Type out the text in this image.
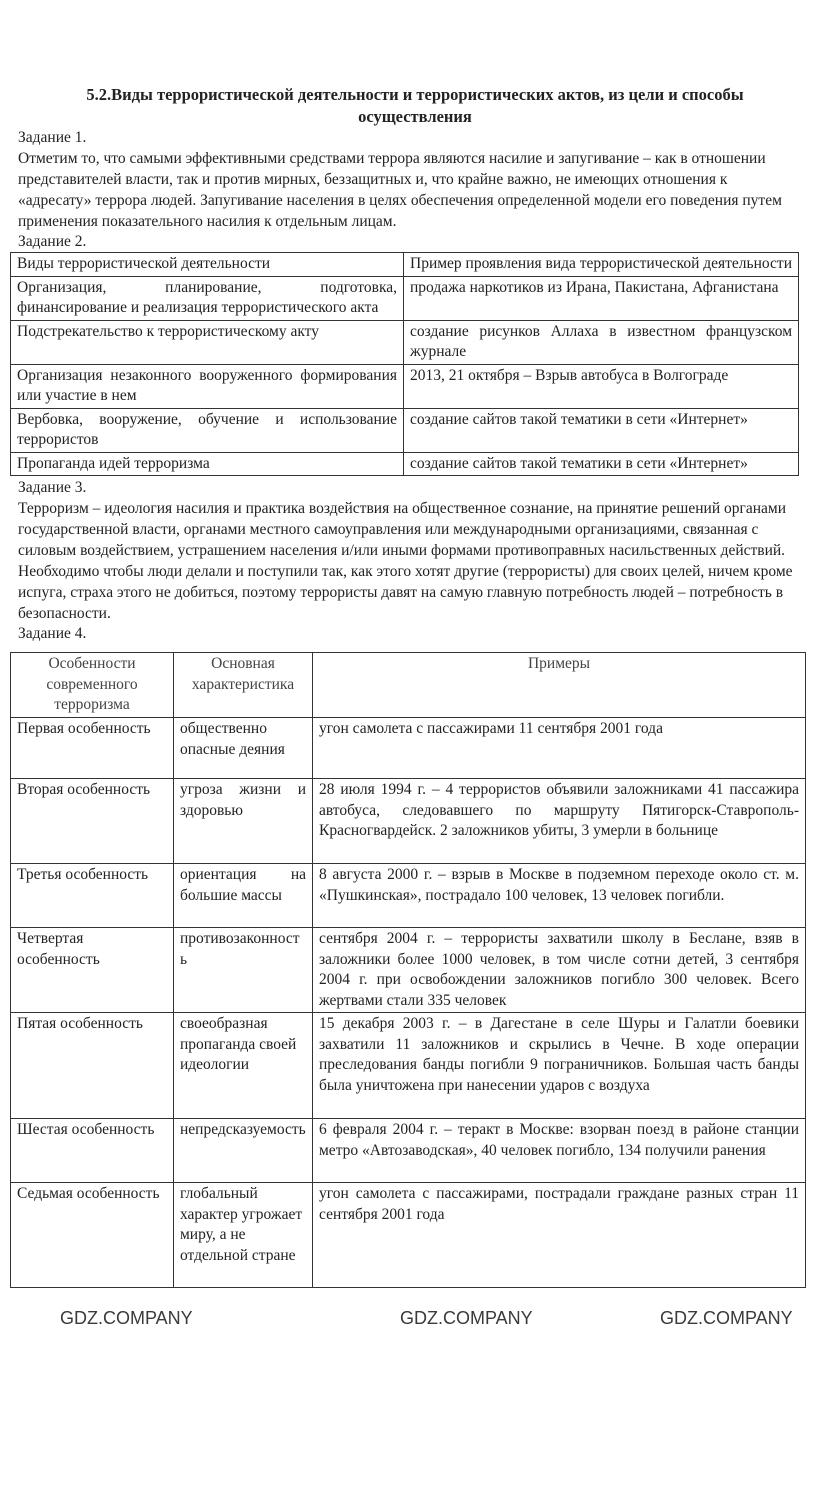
5.2.Виды террористической деятельности и террористических актов, из цели и способы осуществления
Задание 1.
Отметим то, что самыми эффективными средствами террора являются насилие и запугивание – как в отношении представителей власти, так и против мирных, беззащитных и, что крайне важно, не имеющих отношения к «адресату» террора людей. Запугивание населения в целях обеспечения определенной модели его поведения путем применения показательного насилия к отдельным лицам.
Задание 2.
Виды террористической деятельности	Пример проявления вида террористической деятельности
Организация, планирование, подготовка, финансирование и реализация террористического акта	продажа наркотиков из Ирана, Пакистана, Афганистана
Подстрекательство к террористическому акту	создание рисунков Аллаха в известном французском журнале
Организация незаконного вооруженного формирования или участие в нем	2013, 21 октября – Взрыв автобуса в Волгограде
Вербовка, вооружение, обучение и использование террористов	создание сайтов такой тематики в сети «Интернет»
Пропаганда идей терроризма	создание сайтов такой тематики в сети «Интернет»
Задание 3.
Терроризм – идеология насилия и практика воздействия на общественное сознание, на принятие решений органами государственной власти, органами местного самоуправления или международными организациями, связанная с силовым воздействием, устрашением населения и/или иными формами противоправных насильственных действий. Необходимо чтобы люди делали и поступили так, как этого хотят другие (террористы) для своих целей, ничем кроме испуга, страха этого не добиться, поэтому террористы давят на самую главную потребность людей – потребность в безопасности.
Задание 4.
Особенности современного терроризма	Основная характеристика	Примеры
Первая особенность	общественно опасные деяния	угон самолета с пассажирами 11 сентября 2001 года
Вторая особенность	угроза жизни и здоровью	28 июля 1994 г. – 4 террористов объявили заложниками 41 пассажира автобуса, следовавшего по маршруту Пятигорск-Ставрополь-Красногвардейск. 2 заложников убиты, 3 умерли в больнице
Третья особенность	ориентация на большие массы	8 августа 2000 г. – взрыв в Москве в подземном переходе около ст. м. «Пушкинская», пострадало 100 человек, 13 человек погибли.
Четвертая особенность	противозаконность	сентября 2004 г. – террористы захватили школу в Беслане, взяв в заложники более 1000 человек, в том числе сотни детей, 3 сентября 2004 г. при освобождении заложников погибло 300 человек. Всего жертвами стали 335 человек
Пятая особенность	своеобразная пропаганда своей идеологии	15 декабря 2003 г. – в Дагестане в селе Шуры и Галатли боевики захватили 11 заложников и скрылись в Чечне. В ходе операции преследования банды погибли 9 пограничников. Большая часть банды была уничтожена при нанесении ударов с воздуха
Шестая особенность	непредсказуемость	6 февраля 2004 г. – теракт в Москве: взорван поезд в районе станции метро «Автозаводская», 40 человек погибло, 134 получили ранения
Седьмая особенность	глобальный характер угрожает миру, а не отдельной стране	угон самолета с пассажирами, пострадали граждане разных стран 11 сентября 2001 года
GDZ.COMPANY	GDZ.COMPANY	GDZ.COMPANY
